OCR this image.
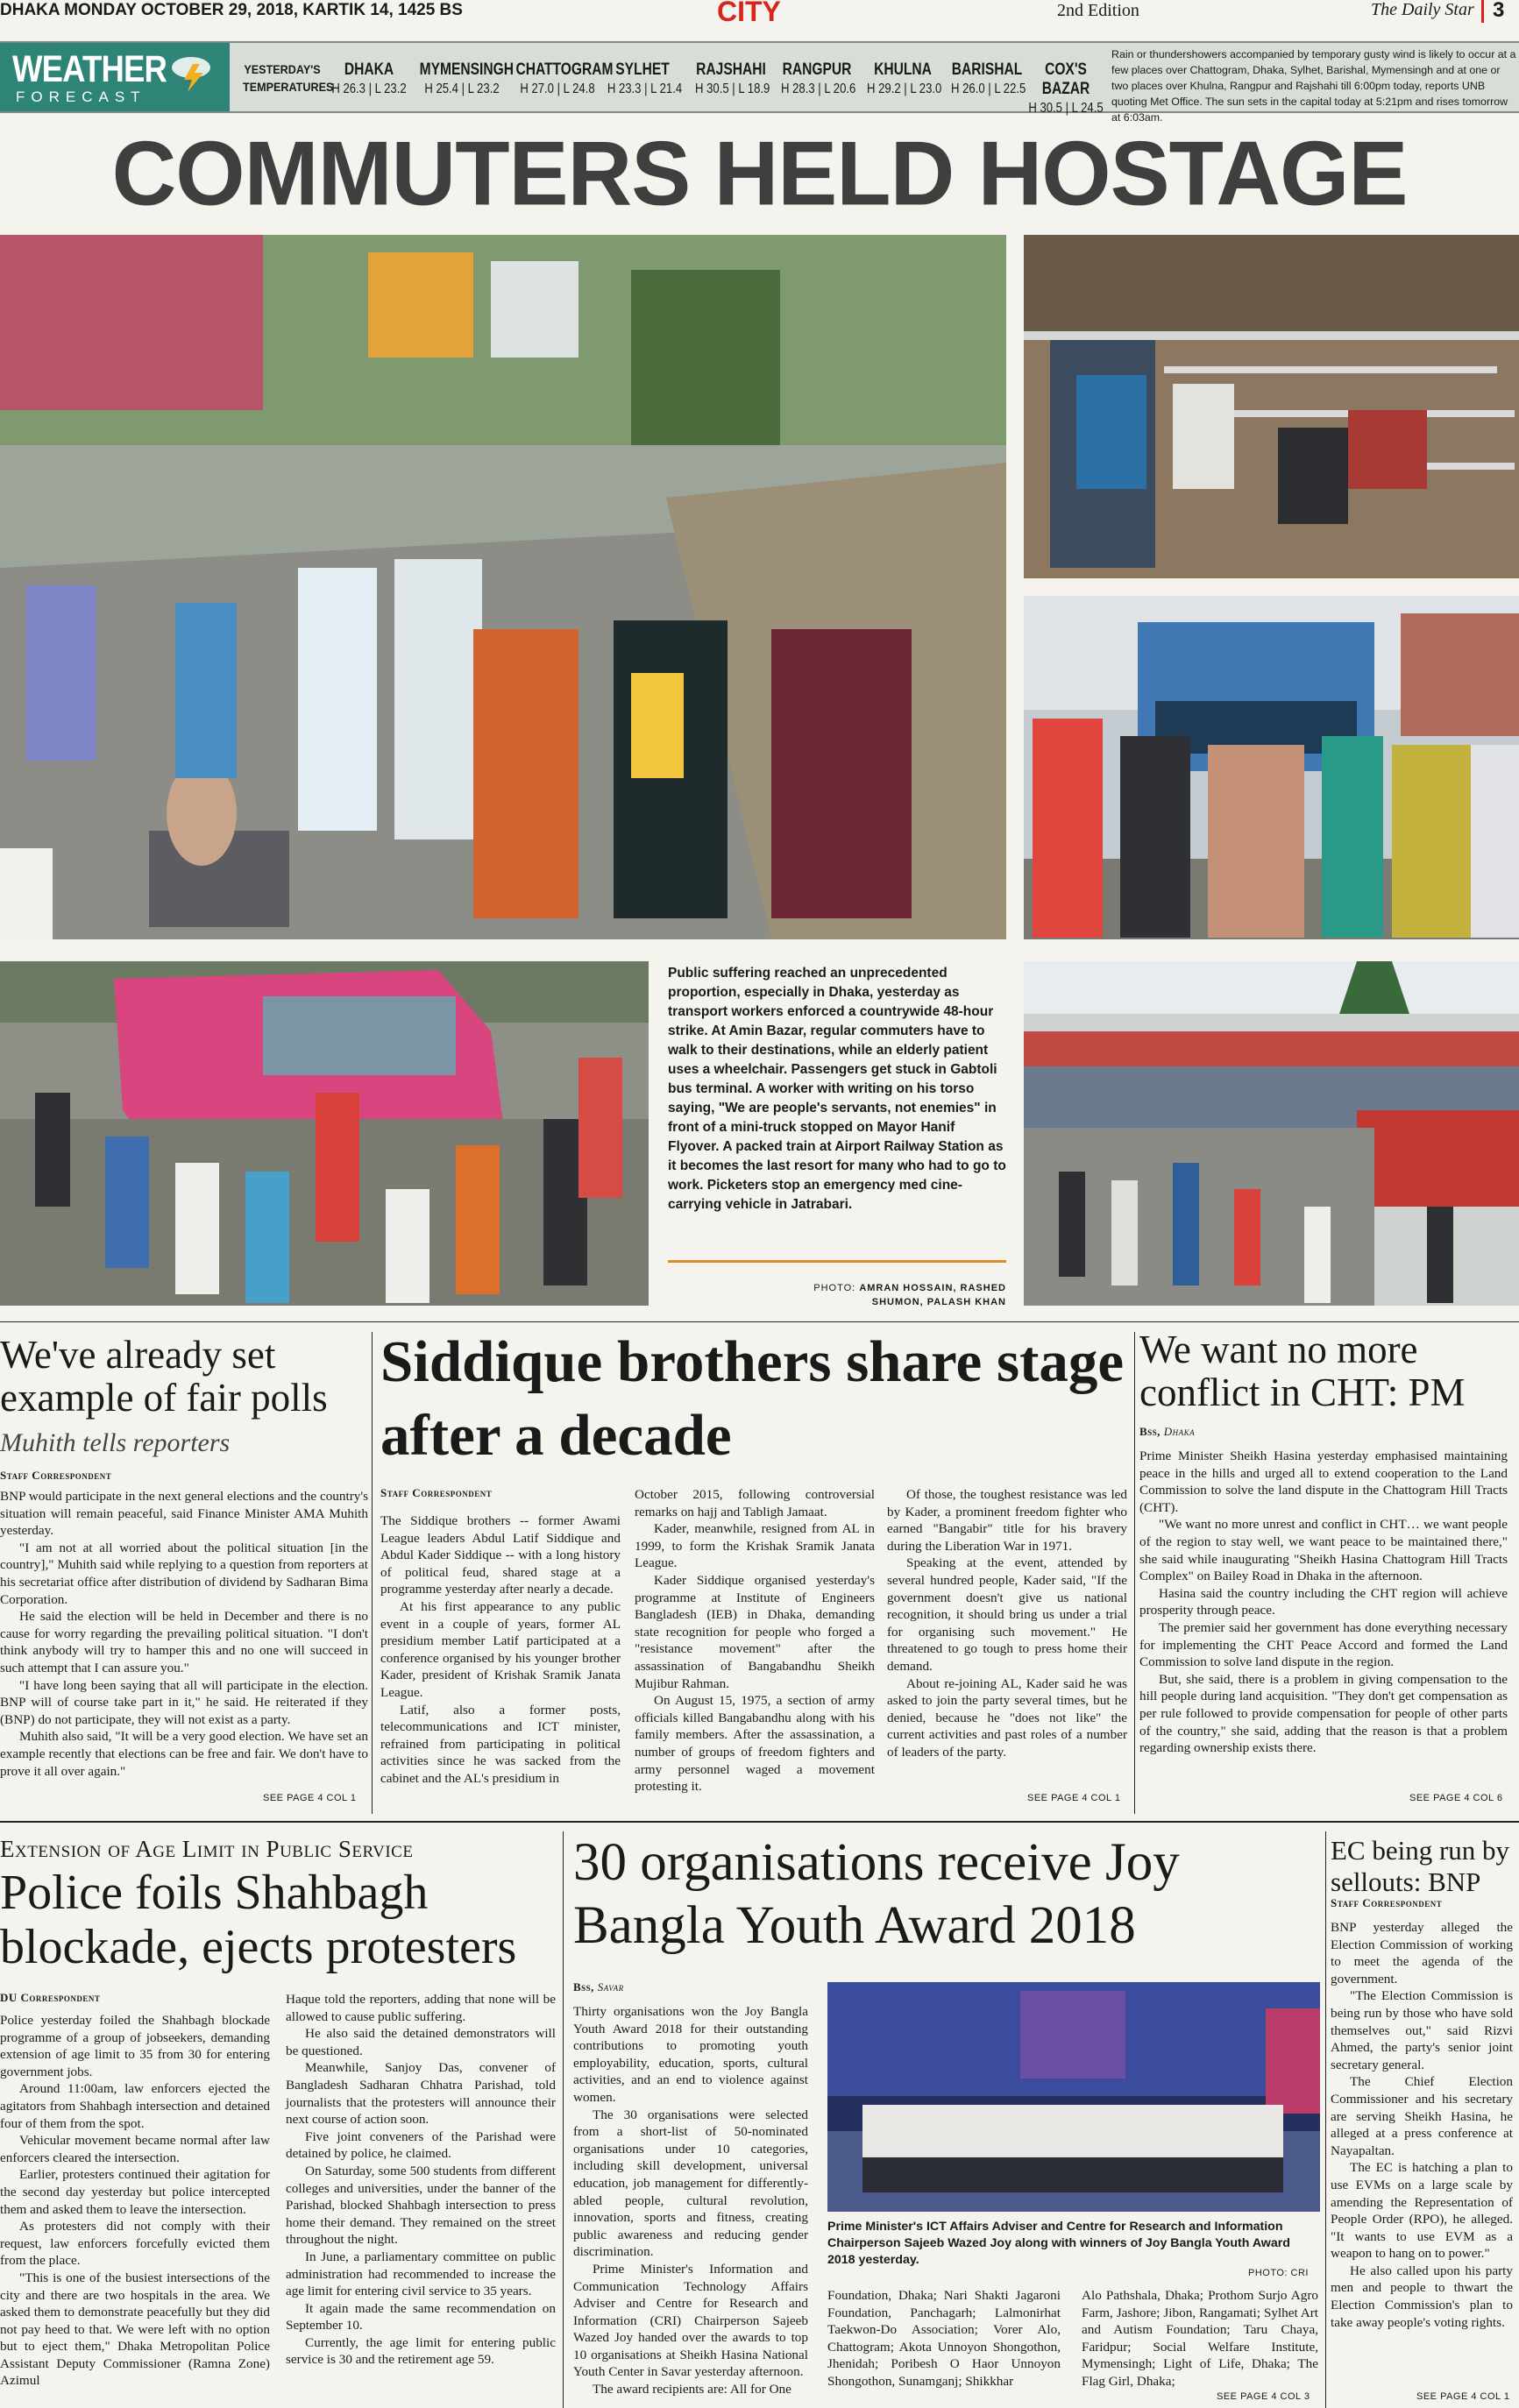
DHAKA MONDAY OCTOBER 29, 2018, KARTIK 14, 1425 BS	CITY	2nd Edition	The Daily Star 3
WEATHER
FORECAST
YESTERDAY'S
TEMPERATURES
DHAKA
H 26.3 | L 23.2
MYMENSINGH
H 25.4 | L 23.2
CHATTOGRAM
H 27.0 | L 24.8
SYLHET
H 23.3 | L 21.4
RAJSHAHI
H 30.5 | L 18.9
RANGPUR
H 28.3 | L 20.6
KHULNA
H 29.2 | L 23.0
BARISHAL
H 26.0 | L 22.5
COX'S BAZAR
H 30.5 | L 24.5
Rain or thundershowers accompanied by temporary gusty wind is likely to occur at a few places over Chattogram, Dhaka, Sylhet, Barishal, Mymensingh and at one or two places over Khulna, Rangpur and Rajshahi till 6:00pm today, reports UNB quoting Met Office. The sun sets in the capital today at 5:21pm and rises tomorrow at 6:03am.
COMMUTERS HELD HOSTAGE
Public suffering reached an unprecedented proportion, especially in Dhaka, yesterday as transport workers enforced a countrywide 48-hour strike. At Amin Bazar, regular commuters have to walk to their destinations, while an elderly patient uses a wheelchair. Passengers get stuck in Gabtoli bus terminal. A worker with writing on his torso saying, "We are people's servants, not enemies" in front of a mini-truck stopped on Mayor Hanif Flyover. A packed train at Airport Railway Station as it becomes the last resort for many who had to go to work. Picketers stop an emergency med cine-carrying vehicle in Jatrabari.
PHOTO: AMRAN HOSSAIN, RASHED SHUMON, PALASH KHAN
We've already set example of fair polls
Muhith tells reporters
Staff Correspondent

BNP would participate in the next general elections and the country's situation will remain peaceful, said Finance Minister AMA Muhith yesterday.

"I am not at all worried about the political situation [in the country]," Muhith said while replying to a question from reporters at his secretariat office after distribution of dividend by Sadharan Bima Corporation.

He said the election will be held in December and there is no cause for worry regarding the prevailing political situation. "I don't think anybody will try to hamper this and no one will succeed in such attempt that I can assure you."

"I have long been saying that all will participate in the election. BNP will of course take part in it," he said. He reiterated if they (BNP) do not participate, they will not exist as a party.

Muhith also said, "It will be a very good election. We have set an example recently that elections can be free and fair. We don't have to prove it all over again."

SEE PAGE 4 COL 1
Siddique brothers share stage after a decade
Staff Correspondent

The Siddique brothers -- former Awami League leaders Abdul Latif Siddique and Abdul Kader Siddique -- with a long history of political feud, shared stage at a programme yesterday after nearly a decade.

At his first appearance to any public event in a couple of years, former AL presidium member Latif participated at a conference organised by his younger brother Kader, president of Krishak Sramik Janata League.

Latif, also a former posts, telecommunications and ICT minister, refrained from participating in political activities since he was sacked from the cabinet and the AL's presidium in

October 2015, following controversial remarks on hajj and Tabligh Jamaat.

Kader, meanwhile, resigned from AL in 1999, to form the Krishak Sramik Janata League.

Kader Siddique organised yesterday's programme at Institute of Engineers Bangladesh (IEB) in Dhaka, demanding state recognition for people who forged a "resistance movement" after the assassination of Bangabandhu Sheikh Mujibur Rahman.

On August 15, 1975, a section of army officials killed Bangabandhu along with his family members. After the assassination, a number of groups of freedom fighters and army personnel waged a movement protesting it.

Of those, the toughest resistance was led by Kader, a prominent freedom fighter who earned "Bangabir" title for his bravery during the Liberation War in 1971.

Speaking at the event, attended by several hundred people, Kader said, "If the government doesn't give us national recognition, it should bring us under a trial for organising such movement." He threatened to go tough to press home their demand.

About re-joining AL, Kader said he was asked to join the party several times, but he denied, because he "does not like" the current activities and past roles of a number of leaders of the party.

SEE PAGE 4 COL 1
We want no more conflict in CHT: PM
Bss, Dhaka

Prime Minister Sheikh Hasina yesterday emphasised maintaining peace in the hills and urged all to extend cooperation to the Land Commission to solve the land dispute in the Chattogram Hill Tracts (CHT).

"We want no more unrest and conflict in CHT… we want people of the region to stay well, we want peace to be maintained there," she said while inaugurating "Sheikh Hasina Chattogram Hill Tracts Complex" on Bailey Road in Dhaka in the afternoon.

Hasina said the country including the CHT region will achieve prosperity through peace.

The premier said her government has done everything necessary for implementing the CHT Peace Accord and formed the Land Commission to solve land dispute in the region.

But, she said, there is a problem in giving compensation to the hill people during land acquisition. "They don't get compensation as per rule followed to provide compensation for people of other parts of the country," she said, adding that the reason is that a problem regarding ownership exists there.

SEE PAGE 4 COL 6
Extension of Age Limit in Public Service
Police foils Shahbagh blockade, ejects protesters
DU Correspondent

Police yesterday foiled the Shahbagh blockade programme of a group of jobseekers, demanding extension of age limit to 35 from 30 for entering government jobs.

Around 11:00am, law enforcers ejected the agitators from Shahbagh intersection and detained four of them from the spot.

Vehicular movement became normal after law enforcers cleared the intersection.

Earlier, protesters continued their agitation for the second day yesterday but police intercepted them and asked them to leave the intersection.

As protesters did not comply with their request, law enforcers forcefully evicted them from the place.

"This is one of the busiest intersections of the city and there are two hospitals in the area. We asked them to demonstrate peacefully but they did not pay heed to that. We were left with no option but to eject them," Dhaka Metropolitan Police Assistant Deputy Commissioner (Ramna Zone) Azimul

Haque told the reporters, adding that none will be allowed to cause public suffering.

He also said the detained demonstrators will be questioned.

Meanwhile, Sanjoy Das, convener of Bangladesh Sadharan Chhatra Parishad, told journalists that the protesters will announce their next course of action soon.

Five joint conveners of the Parishad were detained by police, he claimed.

On Saturday, some 500 students from different colleges and universities, under the banner of the Parishad, blocked Shahbagh intersection to press home their demand. They remained on the street throughout the night.

In June, a parliamentary committee on public administration had recommended to increase the age limit for entering civil service to 35 years.

It again made the same recommendation on September 10.

Currently, the age limit for entering public service is 30 and the retirement age 59.

30 organisations receive Joy Bangla Youth Award 2018
Bss, Savar

Thirty organisations won the Joy Bangla Youth Award 2018 for their outstanding contributions to promoting youth employability, education, sports, cultural activities, and an end to violence against women.

The 30 organisations were selected from a short-list of 50-nominated organisations under 10 categories, including skill development, universal education, job management for differently-abled people, cultural revolution, innovation, sports and fitness, creating public awareness and reducing gender discrimination.

Prime Minister's Information and Communication Technology Affairs Adviser and Centre for Research and Information (CRI) Chairperson Sajeeb Wazed Joy handed over the awards to top 10 organisations at Sheikh Hasina National Youth Center in Savar yesterday afternoon.

The award recipients are: All for One

Prime Minister's ICT Affairs Adviser and Centre for Research and Information Chairperson Sajeeb Wazed Joy along with winners of Joy Bangla Youth Award 2018 yesterday.
PHOTO: CRI

Foundation, Dhaka; Nari Shakti Jagaroni Foundation, Panchagarh; Lalmonirhat Taekwon-Do Association; Vorer Alo, Chattogram; Akota Unnoyon Shongothon, Jhenidah; Poribesh O Haor Unnoyon Shongothon, Sunamganj; Shikkhar

Alo Pathshala, Dhaka; Prothom Surjo Agro Farm, Jashore; Jibon, Rangamati; Sylhet Art and Autism Foundation; Taru Chaya, Faridpur; Social Welfare Institute, Mymensingh; Light of Life, Dhaka; The Flag Girl, Dhaka;

SEE PAGE 4 COL 3
EC being run by sellouts: BNP
Staff Correspondent

BNP yesterday alleged the Election Commission of working to meet the agenda of the government.

"The Election Commission is being run by those who have sold themselves out," said Rizvi Ahmed, the party's senior joint secretary general.

The Chief Election Commissioner and his secretary are serving Sheikh Hasina, he alleged at a press conference at Nayapaltan.

The EC is hatching a plan to use EVMs on a large scale by amending the Representation of People Order (RPO), he alleged. "It wants to use EVM as a weapon to hang on to power."

He also called upon his party men and people to thwart the Election Commission's plan to take away people's voting rights.

SEE PAGE 4 COL 1
